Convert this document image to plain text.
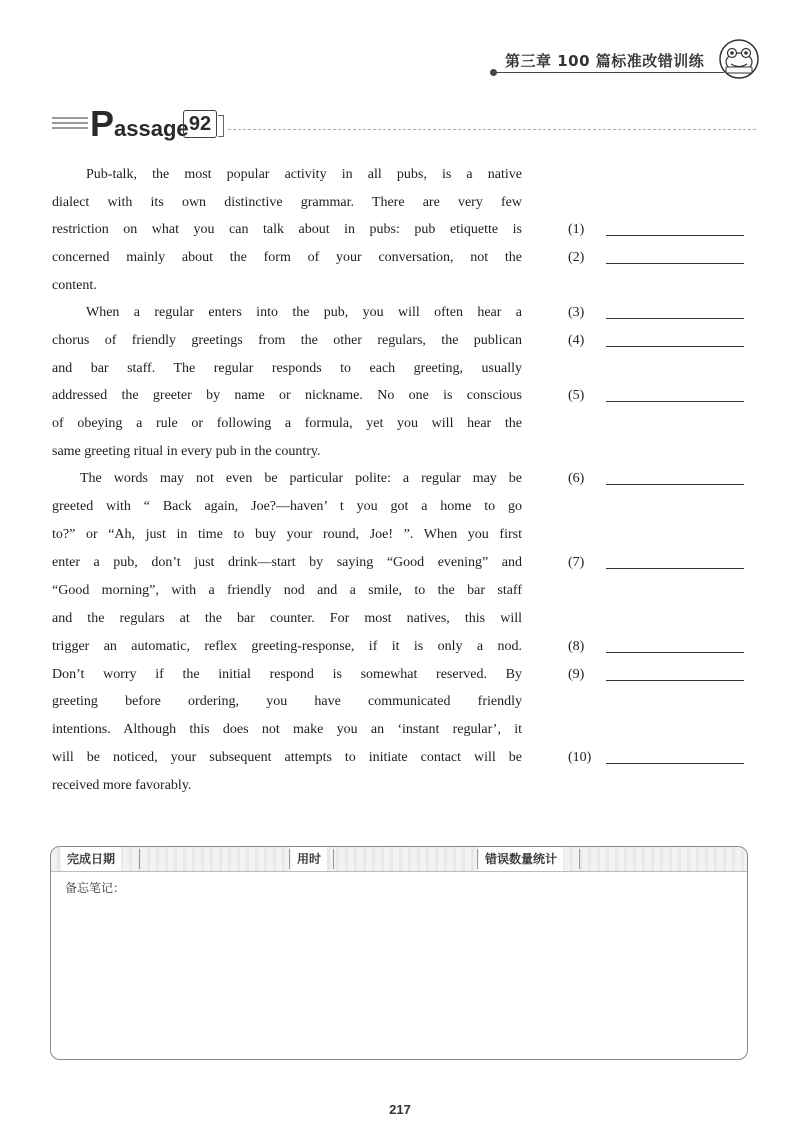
第三章 100 篇标准改错训练
Passage 92
Pub-talk, the most popular activity in all pubs, is a native
dialect with its own distinctive grammar. There are very few
restriction on what you can talk about in pubs: pub etiquette is
concerned mainly about the form of your conversation, not the
content.
When a regular enters into the pub, you will often hear a
chorus of friendly greetings from the other regulars, the publican
and bar staff. The regular responds to each greeting, usually
addressed the greeter by name or nickname. No one is conscious
of obeying a rule or following a formula, yet you will hear the
same greeting ritual in every pub in the country.
The words may not even be particular polite: a regular may be
greeted with “ Back again, Joe?—haven’ t you got a home to go
to?” or “Ah, just in time to buy your round, Joe! ”. When you first
enter a pub, don’t just drink—start by saying “Good evening” and
“Good morning”, with a friendly nod and a smile, to the bar staff
and the regulars at the bar counter. For most natives, this will
trigger an automatic, reflex greeting-response, if it is only a nod.
Don’t worry if the initial respond is somewhat reserved. By
greeting before ordering, you have communicated friendly
intentions. Although this does not make you an ‘instant regular’, it
will be noticed, your subsequent attempts to initiate contact will be
received more favorably.
(1)
(2)
(3)
(4)
(5)
(6)
(7)
(8)
(9)
(10)
完成日期	用时	错误数量统计
备忘笔记：
217
